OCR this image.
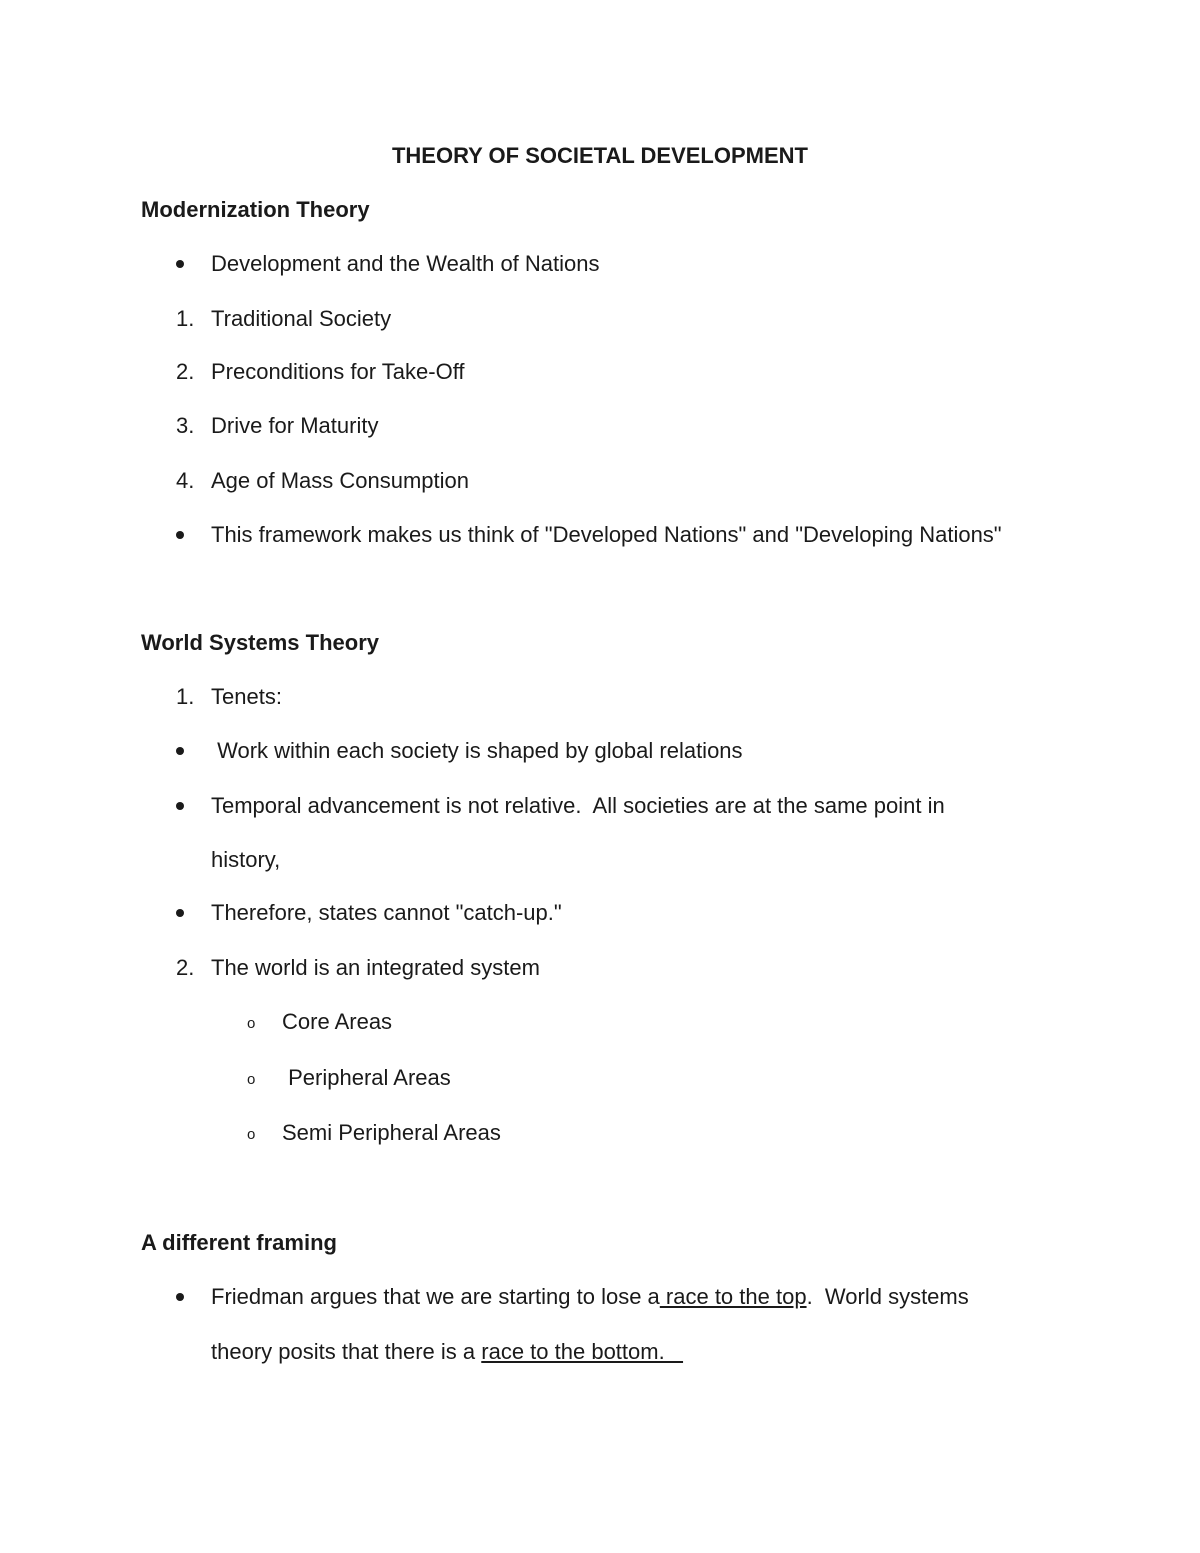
THEORY OF SOCIETAL DEVELOPMENT
Modernization Theory
Development and the Wealth of Nations
1. Traditional Society
2. Preconditions for Take-Off
3. Drive for Maturity
4. Age of Mass Consumption
This framework makes us think of "Developed Nations" and "Developing Nations"
World Systems Theory
1. Tenets:
Work within each society is shaped by global relations
Temporal advancement is not relative.  All societies are at the same point in
history,
Therefore, states cannot "catch-up."
2. The world is an integrated system
o Core Areas
o Peripheral Areas
o Semi Peripheral Areas
A different framing
Friedman argues that we are starting to lose a race to the top.  World systems
theory posits that there is a race to the bottom.
